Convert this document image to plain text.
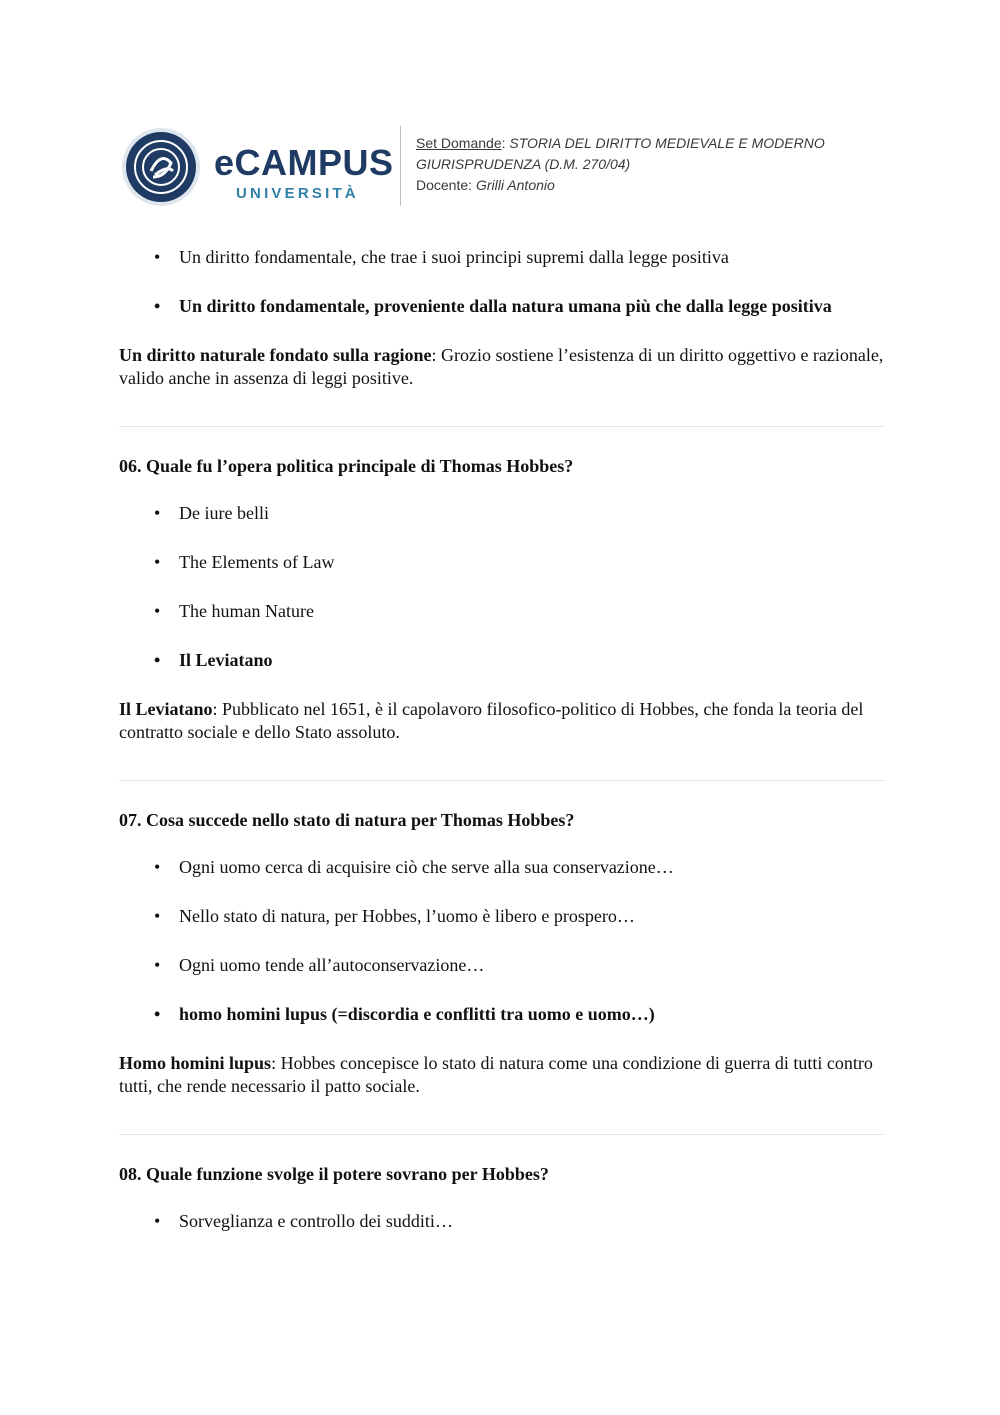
eCAMPUS
UNIVERSITÀ
Set Domande: STORIA DEL DIRITTO MEDIEVALE E MODERNO
GIURISPRUDENZA (D.M. 270/04)
Docente: Grilli Antonio
• Un diritto fondamentale, che trae i suoi principi supremi dalla legge positiva
• Un diritto fondamentale, proveniente dalla natura umana più che dalla legge positiva

Un diritto naturale fondato sulla ragione: Grozio sostiene l’esistenza di un diritto oggettivo e razionale, valido anche in assenza di leggi positive.

06. Quale fu l’opera politica principale di Thomas Hobbes?
• De iure belli
• The Elements of Law
• The human Nature
• Il Leviatano

Il Leviatano: Pubblicato nel 1651, è il capolavoro filosofico-politico di Hobbes, che fonda la teoria del contratto sociale e dello Stato assoluto.

07. Cosa succede nello stato di natura per Thomas Hobbes?
• Ogni uomo cerca di acquisire ciò che serve alla sua conservazione…
• Nello stato di natura, per Hobbes, l’uomo è libero e prospero…
• Ogni uomo tende all’autoconservazione…
• homo homini lupus (=discordia e conflitti tra uomo e uomo…)

Homo homini lupus: Hobbes concepisce lo stato di natura come una condizione di guerra di tutti contro tutti, che rende necessario il patto sociale.

08. Quale funzione svolge il potere sovrano per Hobbes?
• Sorveglianza e controllo dei sudditi…
